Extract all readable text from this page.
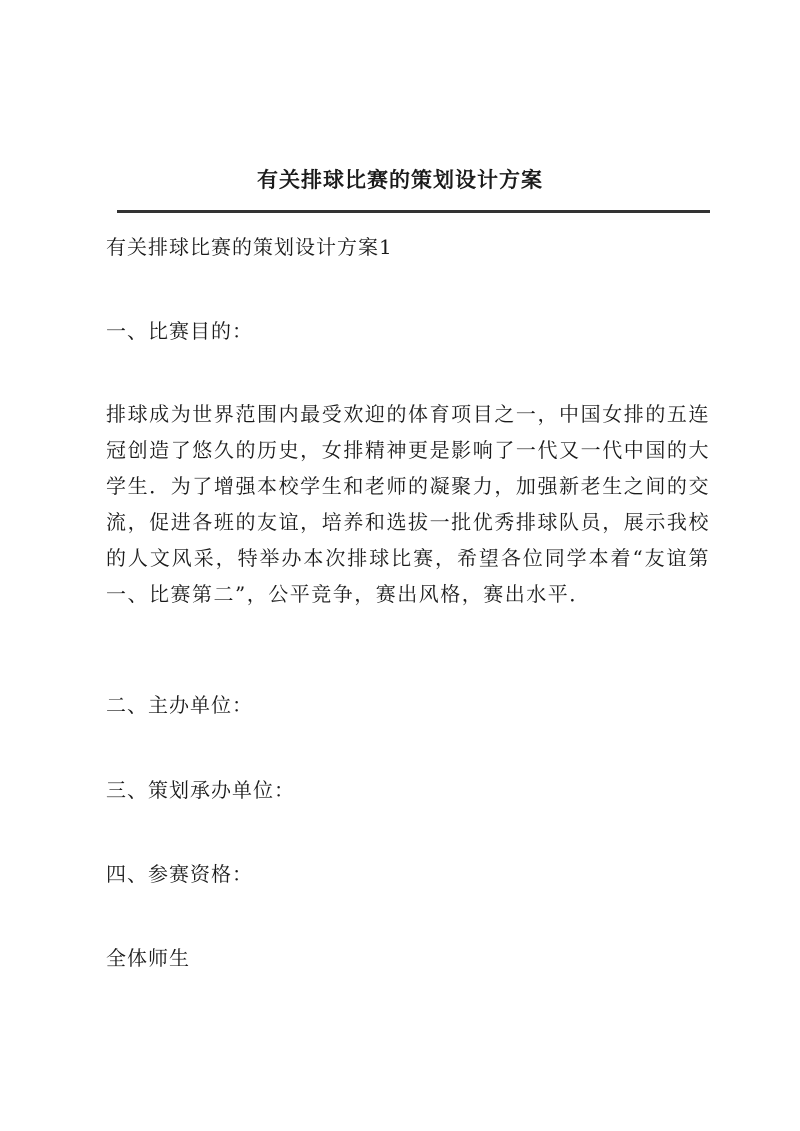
有关排球比赛的策划设计方案
有关排球比赛的策划设计方案1
一、比赛目的：
排球成为世界范围内最受欢迎的体育项目之一，中国女排的五连冠创造了悠久的历史，女排精神更是影响了一代又一代中国的大学生．为了增强本校学生和老师的凝聚力，加强新老生之间的交流，促进各班的友谊，培养和选拔一批优秀排球队员，展示我校的人文风采，特举办本次排球比赛，希望各位同学本着“友谊第一、比赛第二”，公平竞争，赛出风格，赛出水平．
二、主办单位：
三、策划承办单位：
四、参赛资格：
全体师生
